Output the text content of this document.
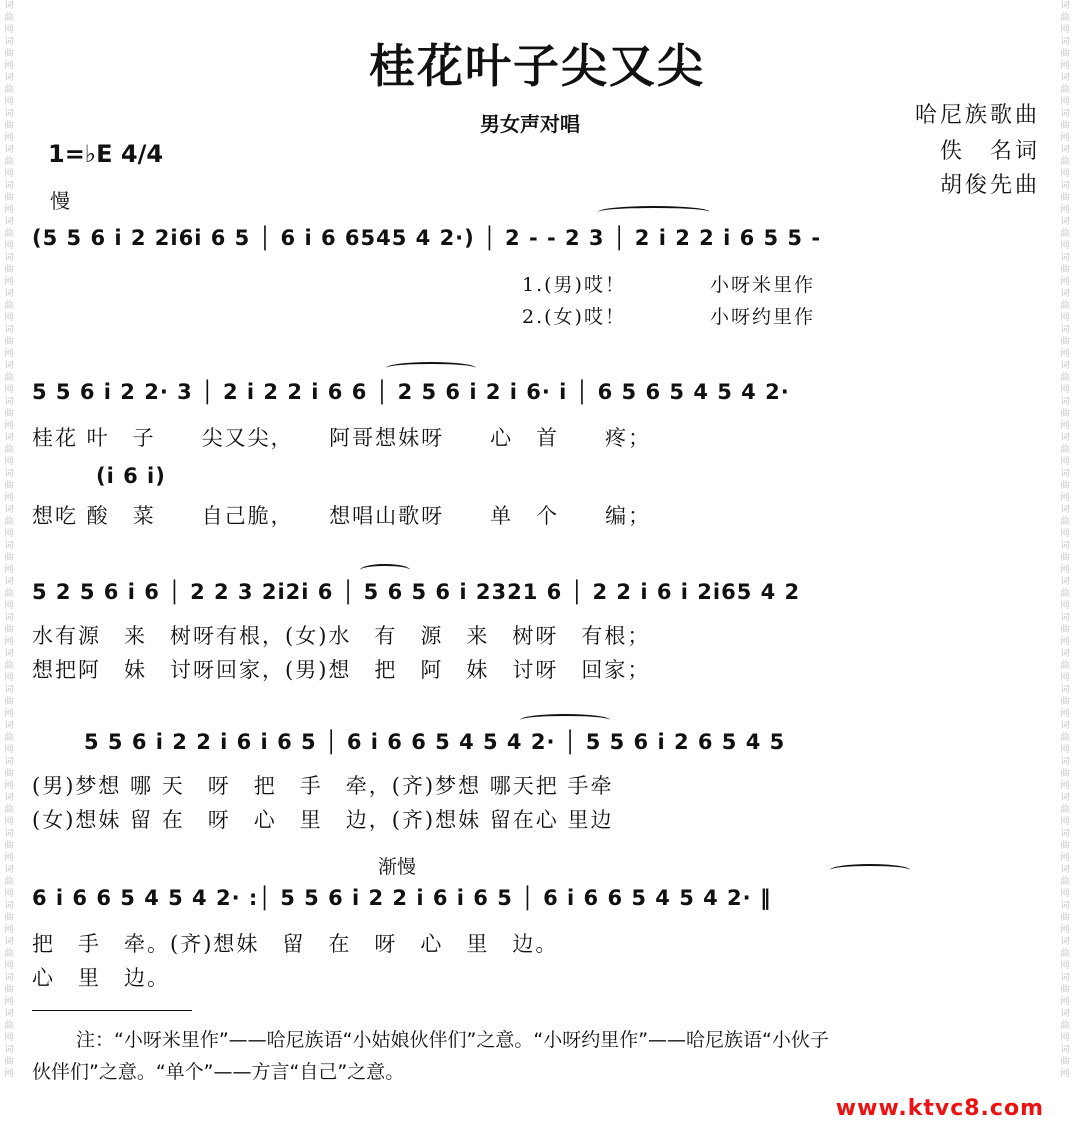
词
曲
网
词
曲
网
词
曲
网
词
曲
网
词
曲
网
词
曲
网
词
曲
网
词
曲
网
词
曲
网
词
曲
网
词
曲
网
词
曲
网
词
曲
网
词
曲
网
词
曲
网
词
曲
网
词
曲
网
词
曲
网
词
曲
网
词
曲
网
词
曲
网
词
曲
网
词
曲
网
词
曲
网
词
曲
网
词
曲
网
词
曲
网
词
曲
网
词
曲
网
词
曲
网
词
曲
网
词
曲
网
词
曲
网
词
曲
网
词
曲
网
词
曲
网
词
曲
网
词
曲
网
词
曲
网
词
曲
网
词
曲
网
词
曲
网
词
曲
网
词
曲
网
词
曲
网
词
曲
网
词
曲
网
词
曲
网
词
曲
网
词
曲
网
词
曲
网
词
曲
网
词
曲
网
词
曲
网
词
曲
网
词
曲
网
词
曲
网
词
曲
网
词
曲
网
词
曲
网
桂花叶子尖又尖
男女声对唱	哈尼族歌曲
佚　名词
胡俊先曲
1=♭E 4/4
慢
(5 5 6 i 2 2i6i 6 5 │ 6 i 6 6545 4 2·) │ 2 - - 2 3 │ 2 i 2 2 i 6 5 5 -
1.(男)哎！　　　　小呀米里作
2.(女)哎！　　　　小呀约里作
5 5 6 i 2 2· 3 │ 2 i 2 2 i 6 6 │ 2 5 6 i 2 i 6· i │ 6 5 6 5 4 5 4 2·
桂花 叶　子　　尖又尖，　　阿哥想妹呀　　心　首　　疼；
(i 6 i)
想吃 酸　菜　　自己脆，　　想唱山歌呀　　单　个　　编；
5 2 5 6 i 6 │ 2 2 3 2i2i 6 │ 5 6 5 6 i 2321 6 │ 2 2 i 6 i 2i65 4 2
水有源　来　树呀有根，(女)水　有　源　来　树呀　有根；
想把阿　妹　讨呀回家，(男)想　把　阿　妹　讨呀　回家；
5 5 6 i 2 2 i 6 i 6 5 │ 6 i 6 6 5 4 5 4 2· │ 5 5 6 i 2 6 5 4 5
(男)梦想 哪 天　呀　把　手　牵，(齐)梦想 哪天把 手牵
(女)想妹 留 在　呀　心　里　边，(齐)想妹 留在心 里边
渐慢
6 i 6 6 5 4 5 4 2· :│ 5 5 6 i 2 2 i 6 i 6 5 │ 6 i 6 6 5 4 5 4 2· ‖
把　手　牵。(齐)想妹　留　在　呀　心　里　边。
心　里　边。
注：“小呀米里作”——哈尼族语“小姑娘伙伴们”之意。“小呀约里作”——哈尼族语“小伙子
伙伴们”之意。“单个”——方言“自己”之意。
www.ktvc8.com
